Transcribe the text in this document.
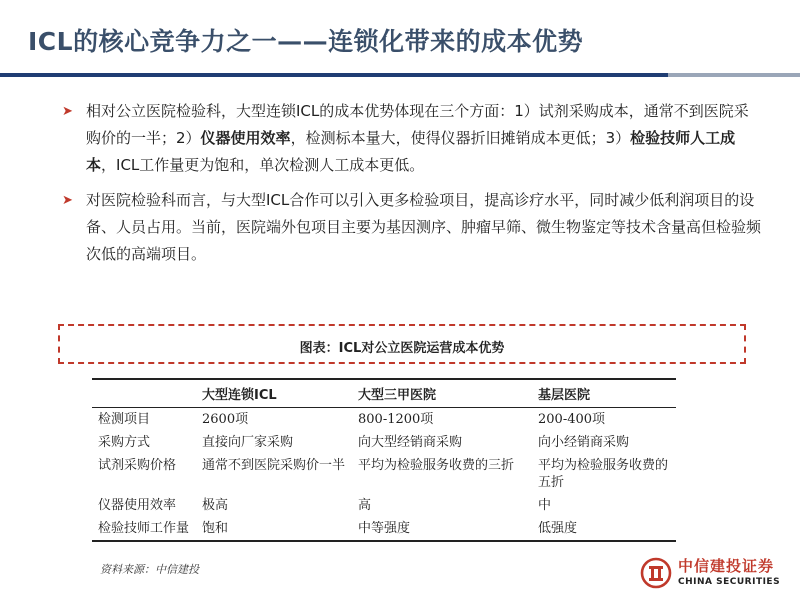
ICL的核心竞争力之一——连锁化带来的成本优势
➤ 相对公立医院检验科，大型连锁ICL的成本优势体现在三个方面：1）试剂采购成本，通常不到医院采购价的一半；2）仪器使用效率，检测标本量大，使得仪器折旧摊销成本更低；3）检验技师人工成本，ICL工作量更为饱和，单次检测人工成本更低。
➤ 对医院检验科而言，与大型ICL合作可以引入更多检验项目，提高诊疗水平，同时减少低利润项目的设备、人员占用。当前，医院端外包项目主要为基因测序、肿瘤早筛、微生物鉴定等技术含量高但检验频次低的高端项目。
图表：ICL对公立医院运营成本优势
	大型连锁ICL	大型三甲医院	基层医院
检测项目	2600项	800-1200项	200-400项
采购方式	直接向厂家采购	向大型经销商采购	向小经销商采购
试剂采购价格	通常不到医院采购价一半	平均为检验服务收费的三折	平均为检验服务收费的五折
仪器使用效率	极高	高	中
检验技师工作量	饱和	中等强度	低强度
资料来源：中信建投	中信建投证券
CHINA SECURITIES
